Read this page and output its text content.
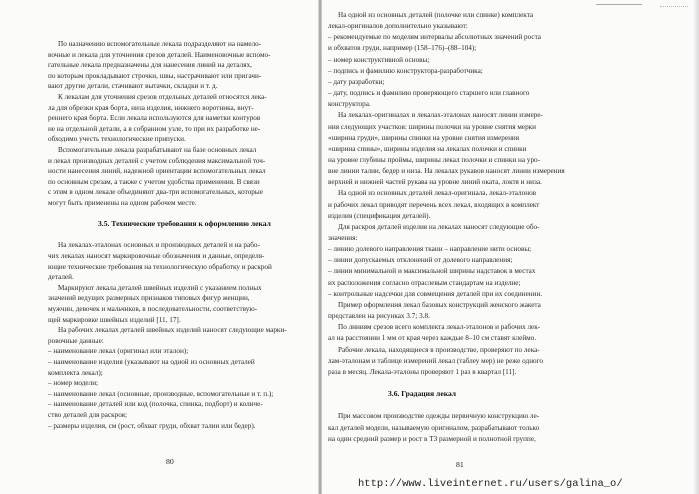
По назначению вспомогательные лекала подразделяют на намело-
вочные и лекала для уточнения срезов деталей. Наименовочные вспомо-
гательные лекала предназначены для нанесения линий на деталях,
по которым прокладывают строчки, швы, настрачивают или пригачи-
вают другие детали, стачивают вытачки, складки и т. д.
К лекалам для уточнения срезов отдельных деталей относятся лека-
ла для обрезки края борта, низа изделия, нижнего воротника, внут-
реннего края борта. Если лекала используются для наметки контуров
не на отдельной детали, а в собранном узле, то при их разработке не-
обходимо учесть технологические припуски.
Вспомогательные лекала разрабатывают на базе основных лекал
и лекал производных деталей с учетом соблюдения максимальной точ-
ности нанесения линий, надежной ориентации вспомогательных лекал
по основным срезам, а также с учетом удобства применения. В связи
с этим в одном лекале объединяют два-три вспомогательных, которые
могут быть применены на одном рабочем месте.
3.5. Технические требования к оформлению лекал
На лекалах-эталонах основных и производных деталей и на рабо-
чих лекалах наносят маркировочные обозначения и данные, определя-
ющие технические требования на технологическую обработку и раскрой
деталей.
Маркируют лекала деталей швейных изделий с указанием полных
значений ведущих размерных признаков типовых фигур женщин,
мужчин, девочек и мальчиков, в последовательности, соответствую-
щей маркировке швейных изделий [11, 17].
На рабочих лекалах деталей швейных изделий наносят следующие марки-
ровочные данные:
– наименование лекал (оригинал или эталон);
– наименование изделия (указывают на одной из основных деталей
комплекта лекал);
– номер модели;
– наименование лекал (основные, производные, вспомогательные и т. п.);
– наименование деталей или код (полочка, спинка, подборт) и количе-
ство деталей для раскроя;
– размеры изделия, см (рост, обхват груди, обхват талии или бедер).
80
На одной из основных деталей (полочке или спинке) комплекта
лекал-оригиналов дополнительно указывают:
– рекомендуемые по моделям интервалы абсолютных значений роста
и обхватов груди, например (158–176)–(88–104);
– номер конструктивной основы;
– подпись и фамилию конструктора-разработчика;
– дату разработки;
– дату, подпись и фамилию проверяющего старшего или главного
конструктора.
На лекалах-оригиналах и лекалах-эталонах наносят линии измере-
ния следующих участков: ширины полочки на уровне снятия мерки
«ширина груди», ширины спинки на уровне снятия измерения
«ширина спины», ширины изделия на лекалах полочки и спинки
на уровне глубины проймы, ширины лекал полочки и спинки на уро-
вне линии талии, бедер и низа. На лекалах рукавов наносят линии измерения
верхней и нижней частей рукава на уровне линий оката, локтя и низа.
На одной из основных деталей лекал-оригинала, лекал-эталонов
и рабочих лекал приводят перечень всех лекал, входящих в комплект
изделия (спецификация деталей).
Для раскроя деталей изделия на лекалах наносят следующие обо-
значения:
– линию долевого направления ткани – направление нити основы;
– линии допускаемых отклонений от долевого направления;
– линии минимальной и максимальной ширины надставок в местах
их расположения согласно отраслевым стандартам на изделие;
– контрольные надсечки для совмещения деталей при их соединении.
Пример оформления лекал базовых конструкций женского жакета
представлен на рисунках 3.7; 3.8.
По линиям срезов всего комплекта лекал-эталонов и рабочих лек-
ал на расстоянии 1 мм от края через каждые 8–10 см ставят клеймо.
Рабочие лекала, находящиеся в производстве, проверяют по лека-
лам-эталонам и таблице измерений лекал (таблеу мер) не реже одного
раза в месяц. Лекала-эталоны проверяют 1 раз в квартал [11].
3.6. Градация лекал
При массовом производстве одежды первичную конструкцию ле-
кал деталей модели, называемую оригиналом, разрабатывают только
на один средний размер и рост в ТЗ размерной и полнотной группе,
81
http://www.liveinternet.ru/users/galina_o/
